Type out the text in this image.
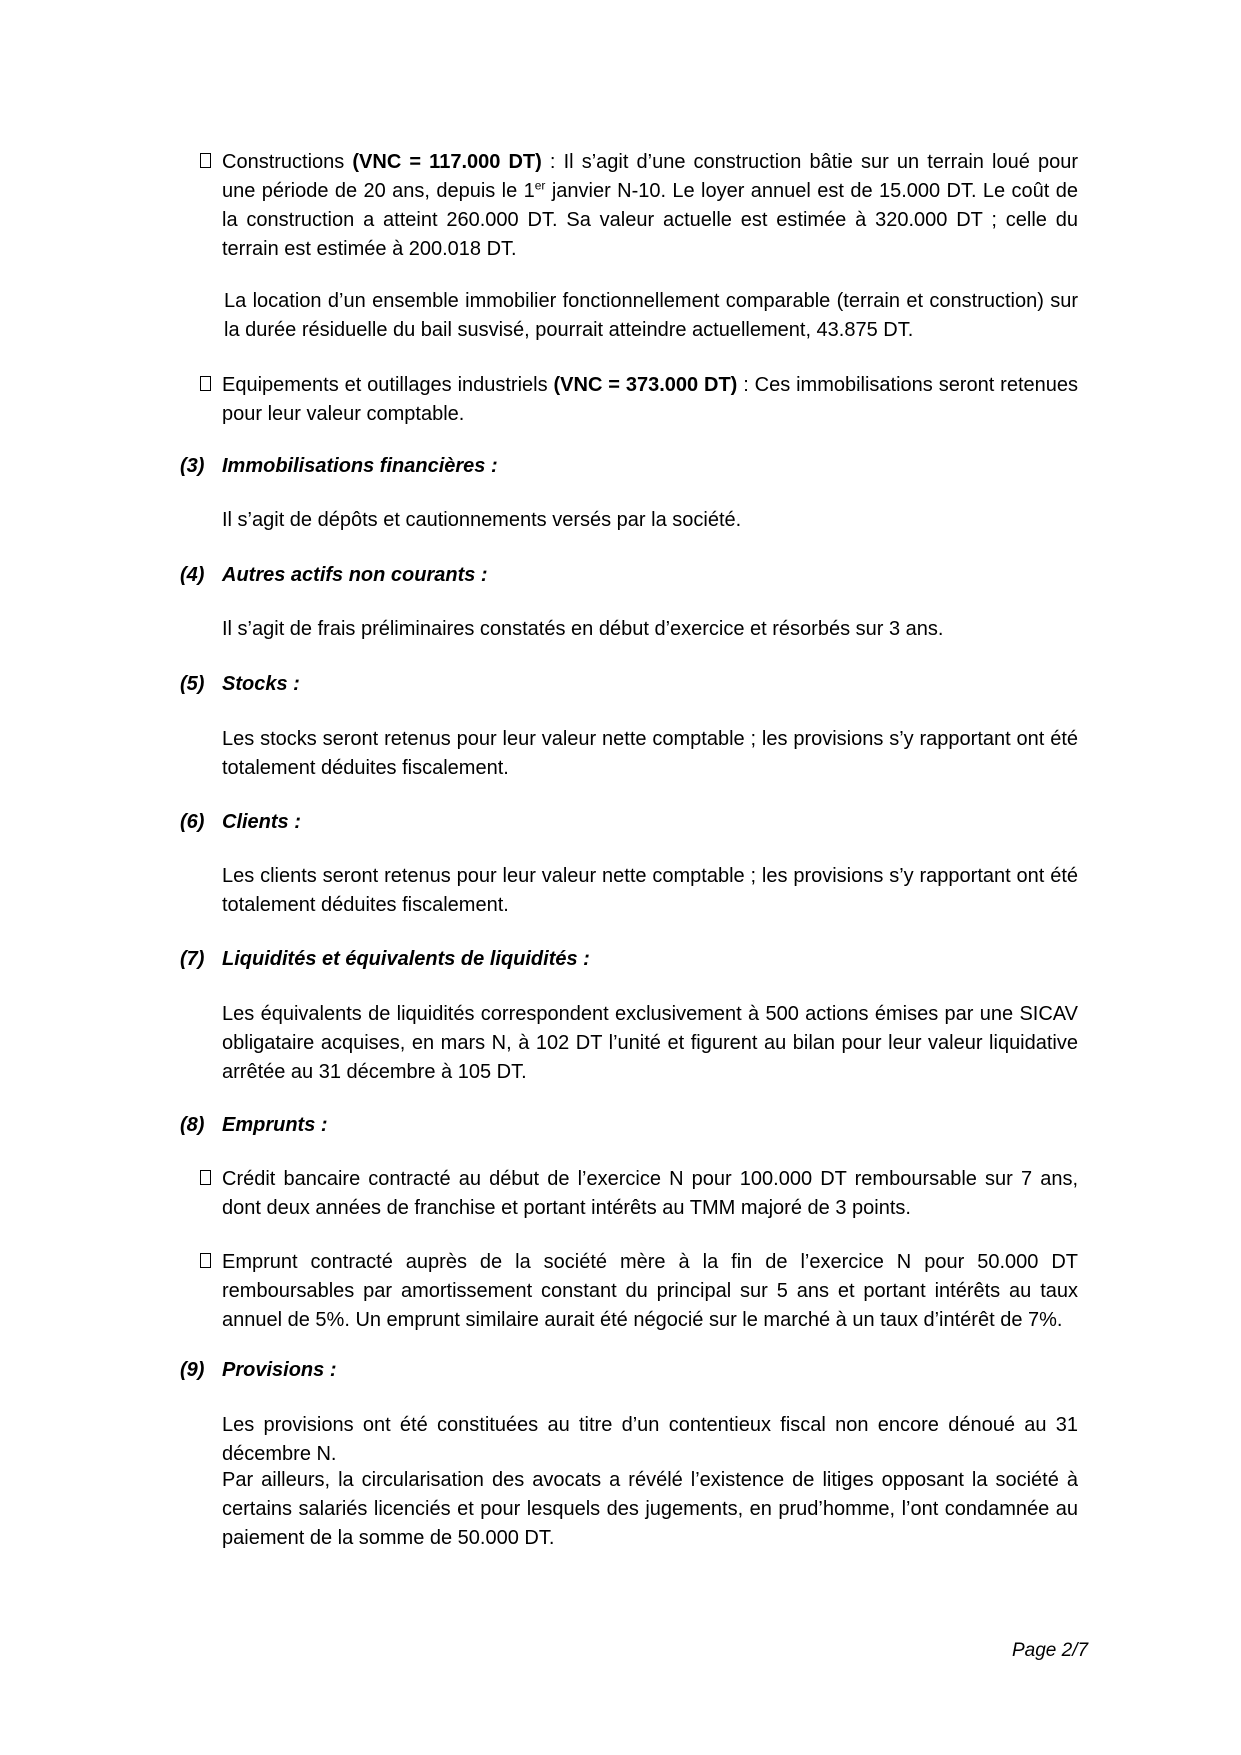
Constructions (VNC = 117.000 DT) : Il s’agit d’une construction bâtie sur un terrain loué pour une période de 20 ans, depuis le 1er janvier N-10. Le loyer annuel est de 15.000 DT. Le coût de la construction a atteint 260.000 DT. Sa valeur actuelle est estimée à 320.000 DT ; celle du terrain est estimée à 200.018 DT.
La location d’un ensemble immobilier fonctionnellement comparable (terrain et construction) sur la durée résiduelle du bail susvisé, pourrait atteindre actuellement, 43.875 DT.
Equipements et outillages industriels (VNC = 373.000 DT) : Ces immobilisations seront retenues pour leur valeur comptable.
(3) Immobilisations financières :
Il s’agit de dépôts et cautionnements versés par la société.
(4) Autres actifs non courants :
Il s’agit de frais préliminaires constatés en début d’exercice et résorbés sur 3 ans.
(5) Stocks :
Les stocks seront retenus pour leur valeur nette comptable ; les provisions s’y rapportant ont été totalement déduites fiscalement.
(6) Clients :
Les clients seront retenus pour leur valeur nette comptable ; les provisions s’y rapportant ont été totalement déduites fiscalement.
(7) Liquidités et équivalents de liquidités :
Les équivalents de liquidités correspondent exclusivement à 500 actions émises par une SICAV obligataire acquises, en mars N, à 102 DT l’unité et figurent au bilan pour leur valeur liquidative arrêtée au 31 décembre à 105 DT.
(8) Emprunts :
Crédit bancaire contracté au début de l’exercice N pour 100.000 DT remboursable sur 7 ans, dont deux années de franchise et portant intérêts au TMM majoré de 3 points.
Emprunt contracté auprès de la société mère à la fin de l’exercice N pour 50.000 DT remboursables par amortissement constant du principal sur 5 ans et portant intérêts au taux annuel de 5%. Un emprunt similaire aurait été négocié sur le marché à un taux d’intérêt de 7%.
(9) Provisions :
Les provisions ont été constituées au titre d’un contentieux fiscal non encore dénoué au 31 décembre N.
Par ailleurs, la circularisation des avocats a révélé l’existence de litiges opposant la société à certains salariés licenciés et pour lesquels des jugements, en prud’homme, l’ont condamnée au paiement de la somme de 50.000 DT.
Page 2/7
